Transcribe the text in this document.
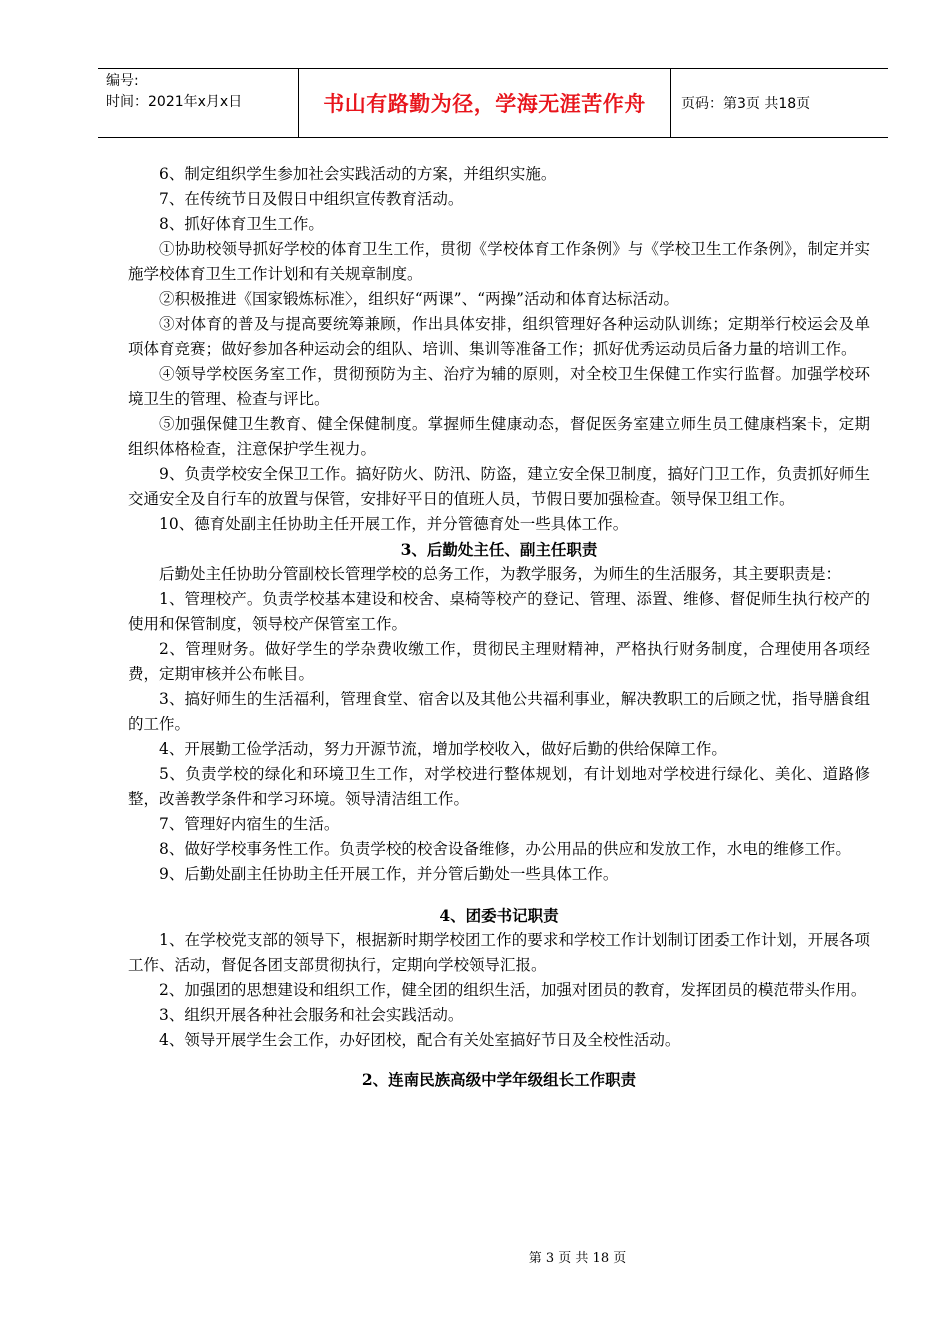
编号:
时间：2021年x月x日	书山有路勤为径，学海无涯苦作舟	页码：第3页 共18页

6、制定组织学生参加社会实践活动的方案，并组织实施。

7、在传统节日及假日中组织宣传教育活动。

8、抓好体育卫生工作。

①协助校领导抓好学校的体育卫生工作，贯彻《学校体育工作条例》与《学校卫生工作条例》，制定并实施学校体育卫生工作计划和有关规章制度。

②积极推进《国家锻炼标准〉，组织好“两课”、“两操”活动和体育达标活动。

③对体育的普及与提高要统筹兼顾，作出具体安排，组织管理好各种运动队训练；定期举行校运会及单项体育竞赛；做好参加各种运动会的组队、培训、集训等准备工作；抓好优秀运动员后备力量的培训工作。

④领导学校医务室工作，贯彻预防为主、治疗为辅的原则，对全校卫生保健工作实行监督。加强学校环境卫生的管理、检查与评比。

⑤加强保健卫生教育、健全保健制度。掌握师生健康动态，督促医务室建立师生员工健康档案卡，定期组织体格检查，注意保护学生视力。

9、负责学校安全保卫工作。搞好防火、防汛、防盗，建立安全保卫制度，搞好门卫工作，负责抓好师生交通安全及自行车的放置与保管，安排好平日的值班人员，节假日要加强检查。领导保卫组工作。

10、德育处副主任协助主任开展工作，并分管德育处一些具体工作。

3、后勤处主任、副主任职责

后勤处主任协助分管副校长管理学校的总务工作，为教学服务，为师生的生活服务，其主要职责是：

1、管理校产。负责学校基本建设和校舍、桌椅等校产的登记、管理、添置、维修、督促师生执行校产的使用和保管制度，领导校产保管室工作。

2、管理财务。做好学生的学杂费收缴工作，贯彻民主理财精神，严格执行财务制度，合理使用各项经费，定期审核并公布帐目。

3、搞好师生的生活福利，管理食堂、宿舍以及其他公共福利事业，解决教职工的后顾之忧，指导膳食组的工作。

4、开展勤工俭学活动，努力开源节流，增加学校收入，做好后勤的供给保障工作。

5、负责学校的绿化和环境卫生工作，对学校进行整体规划，有计划地对学校进行绿化、美化、道路修整，改善教学条件和学习环境。领导清洁组工作。

7、管理好内宿生的生活。

8、做好学校事务性工作。负责学校的校舍设备维修，办公用品的供应和发放工作，水电的维修工作。

9、后勤处副主任协助主任开展工作，并分管后勤处一些具体工作。

4、团委书记职责

1、在学校党支部的领导下，根据新时期学校团工作的要求和学校工作计划制订团委工作计划，开展各项工作、活动，督促各团支部贯彻执行，定期向学校领导汇报。

2、加强团的思想建设和组织工作，健全团的组织生活，加强对团员的教育，发挥团员的模范带头作用。

3、组织开展各种社会服务和社会实践活动。

4、领导开展学生会工作，办好团校，配合有关处室搞好节日及全校性活动。

2、连南民族高级中学年级组长工作职责
第 3 页 共 18 页
